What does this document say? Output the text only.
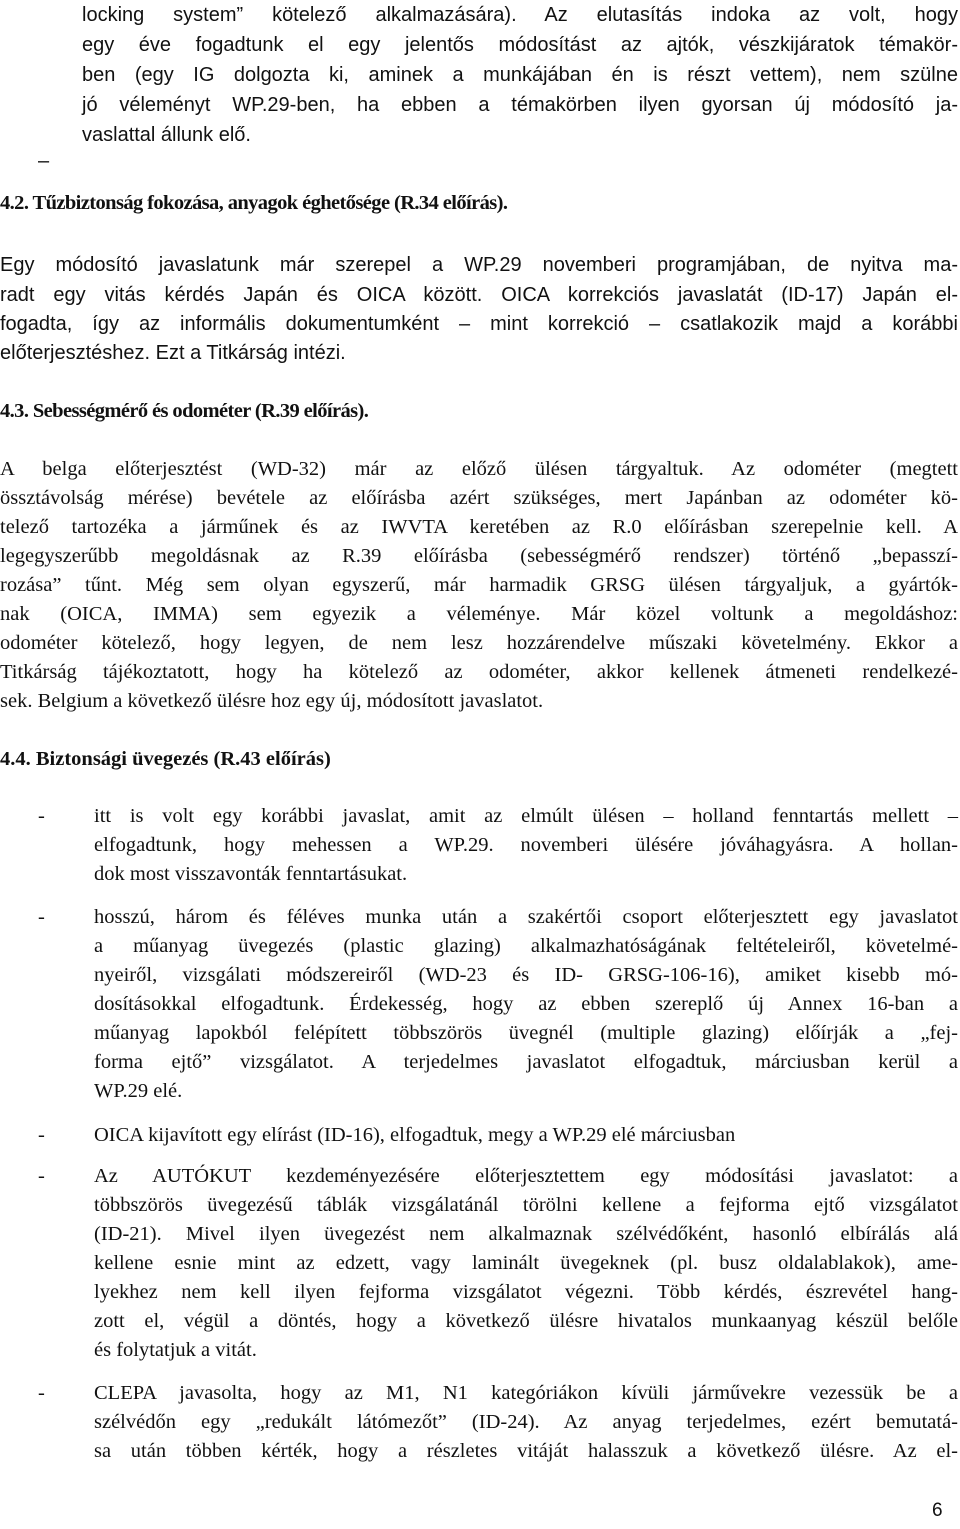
locking system” kötelező alkalmazására). Az elutasítás indoka az volt, hogy
egy éve fogadtunk el egy jelentős módosítást az ajtók, vészkijáratok témakör-
ben (egy IG dolgozta ki, aminek a munkájában én is részt vettem), nem szülne
jó véleményt WP.29-ben, ha ebben a témakörben ilyen gyorsan új módosító ja-
vaslattal állunk elő.
–
4.2. Tűzbiztonság fokozása, anyagok éghetősége (R.34 előírás).
Egy módosító javaslatunk már szerepel a WP.29 novemberi programjában, de nyitva ma-
radt egy vitás kérdés Japán és OICA között. OICA korrekciós javaslatát (ID-17) Japán el-
fogadta, így az informális dokumentumként – mint korrekció – csatlakozik majd a korábbi
előterjesztéshez. Ezt a Titkárság intézi.
4.3. Sebességmérő és odométer (R.39 előírás).
A belga előterjesztést (WD-32) már az előző ülésen tárgyaltuk. Az odométer (megtett
össztávolság mérése) bevétele az előírásba azért szükséges, mert Japánban az odométer kö-
telező tartozéka a járműnek és az IWVTA keretében az R.0 előírásban szerepelnie kell. A
legegyszerűbb megoldásnak az R.39 előírásba (sebességmérő rendszer) történő „bepasszí-
rozása” tűnt. Még sem olyan egyszerű, már harmadik GRSG ülésen tárgyaljuk, a gyártók-
nak (OICA, IMMA) sem egyezik a véleménye. Már közel voltunk a megoldáshoz:
odométer kötelező, hogy legyen, de nem lesz hozzárendelve műszaki követelmény. Ekkor a
Titkárság tájékoztatott, hogy ha kötelező az odométer, akkor kellenek átmeneti rendelkezé-
sek. Belgium a következő ülésre hoz egy új, módosított javaslatot.
4.4. Biztonsági üvegezés (R.43 előírás)
- itt is volt egy korábbi javaslat, amit az elmúlt ülésen – holland fenntartás mellett –
elfogadtunk, hogy mehessen a WP.29. novemberi ülésére jóváhagyásra. A hollan-
dok most visszavonták fenntartásukat.
- hosszú, három és féléves munka után a szakértői csoport előterjesztett egy javaslatot
a műanyag üvegezés (plastic glazing) alkalmazhatóságának feltételeiről, követelmé-
nyeiről, vizsgálati módszereiről (WD-23 és ID- GRSG-106-16), amiket kisebb mó-
dosításokkal elfogadtunk. Érdekesség, hogy az ebben szereplő új Annex 16-ban a
műanyag lapokból felépített többszörös üvegnél (multiple glazing) előírják a „fej-
forma ejtő” vizsgálatot. A terjedelmes javaslatot elfogadtuk, márciusban kerül a
WP.29 elé.
- OICA kijavított egy elírást (ID-16), elfogadtuk, megy a WP.29 elé márciusban
- Az AUTÓKUT kezdeményezésére előterjesztettem egy módosítási javaslatot: a
többszörös üvegezésű táblák vizsgálatánál törölni kellene a fejforma ejtő vizsgálatot
(ID-21). Mivel ilyen üvegezést nem alkalmaznak szélvédőként, hasonló elbírálás alá
kellene esnie mint az edzett, vagy laminált üvegeknek (pl. busz oldalablakok), ame-
lyekhez nem kell ilyen fejforma vizsgálatot végezni. Több kérdés, észrevétel hang-
zott el, végül a döntés, hogy a következő ülésre hivatalos munkaanyag készül belőle
és folytatjuk a vitát.
- CLEPA javasolta, hogy az M1, N1 kategóriákon kívüli járművekre vezessük be a
szélvédőn egy „redukált látómezőt” (ID-24). Az anyag terjedelmes, ezért bemutatá-
sa után többen kérték, hogy a részletes vitáját halasszuk a következő ülésre. Az el-
6
